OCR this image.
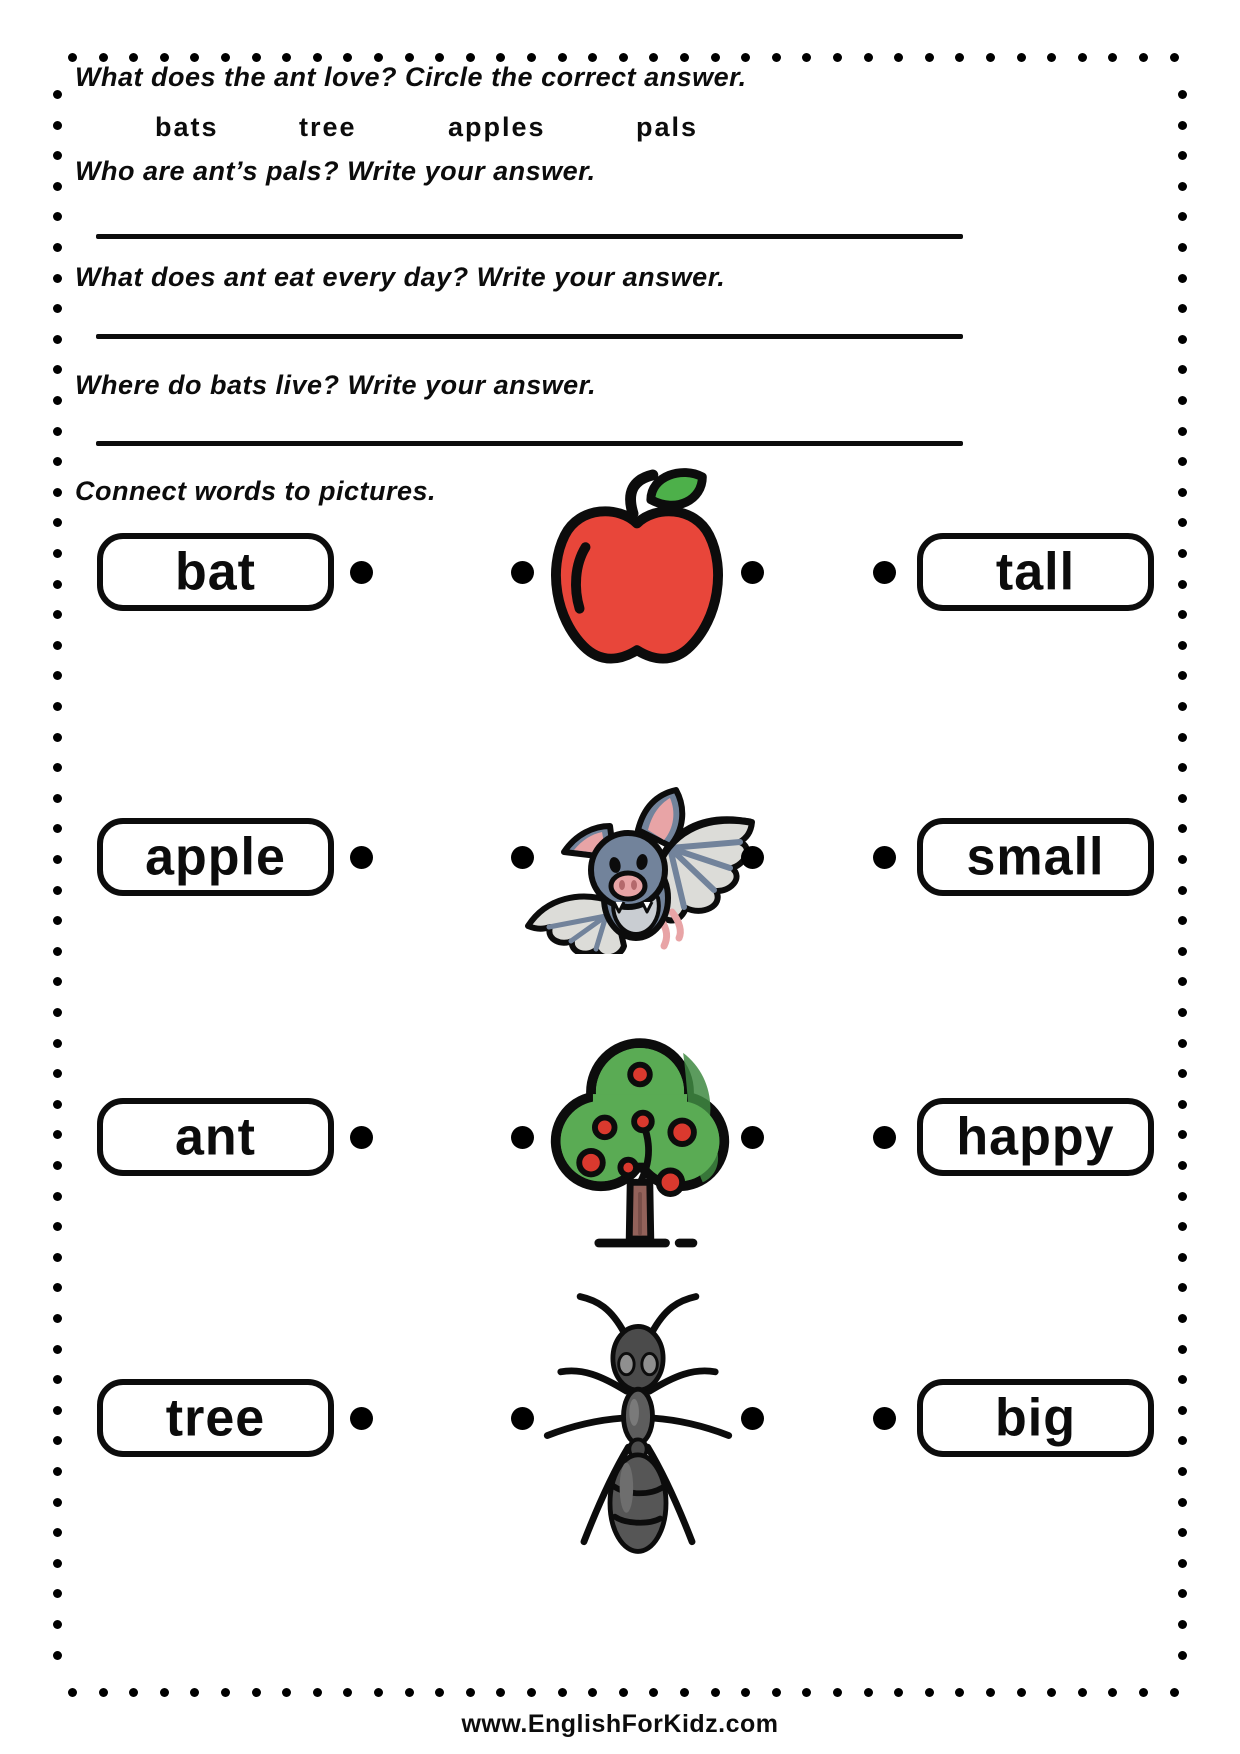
What does the ant love? Circle the correct answer.
bats	tree	apples	pals
Who are ant’s pals? Write your answer.
What does ant eat every day? Write your answer.
Where do bats live? Write your answer.
Connect words to pictures.
bat	tall
apple	small
ant	happy
tree	big
www.EnglishForKidz.com
